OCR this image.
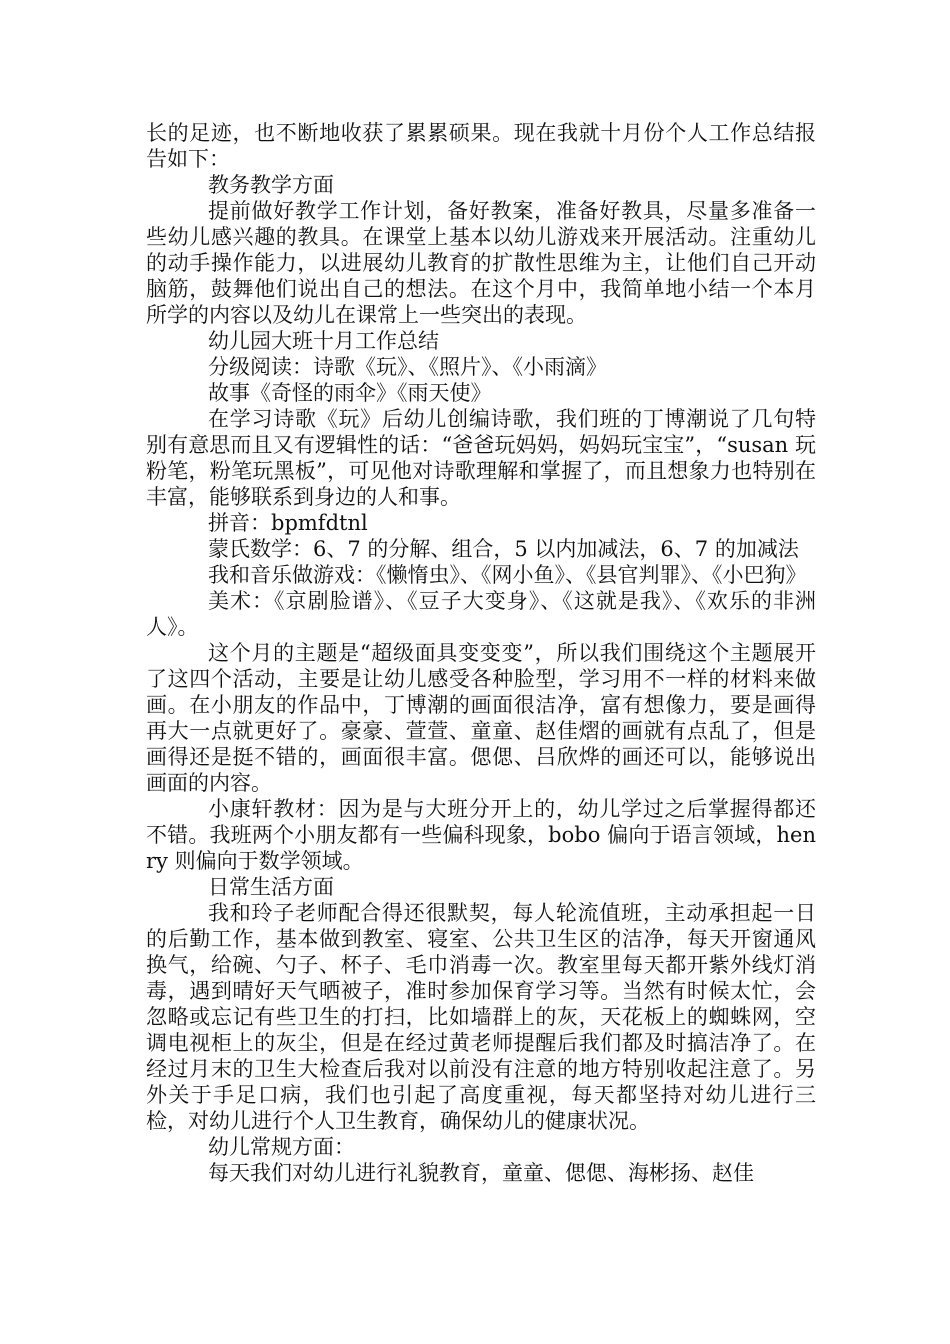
长的足迹，也不断地收获了累累硕果。现在我就十月份个人工作总结报告如下：

教务教学方面

提前做好教学工作计划，备好教案，准备好教具，尽量多准备一些幼儿感兴趣的教具。在课堂上基本以幼儿游戏来开展活动。注重幼儿的动手操作能力，以进展幼儿教育的扩散性思维为主，让他们自己开动脑筋，鼓舞他们说出自己的想法。在这个月中，我简单地小结一个本月所学的内容以及幼儿在课常上一些突出的表现。

幼儿园大班十月工作总结

分级阅读：诗歌《玩》、《照片》、《小雨滴》

故事《奇怪的雨伞》《雨天使》

在学习诗歌《玩》后幼儿创编诗歌，我们班的丁博潮说了几句特别有意思而且又有逻辑性的话：“爸爸玩妈妈，妈妈玩宝宝”，“susan 玩粉笔，粉笔玩黑板”，可见他对诗歌理解和掌握了，而且想象力也特别在丰富，能够联系到身边的人和事。

拼音：bpmfdtnl

蒙氏数学：6、7 的分解、组合，5 以内加减法，6、7 的加减法

我和音乐做游戏：《懒惰虫》、《网小鱼》、《县官判罪》、《小巴狗》

美术：《京剧脸谱》、《豆子大变身》、《这就是我》、《欢乐的非洲人》。

这个月的主题是“超级面具变变变”，所以我们围绕这个主题展开了这四个活动，主要是让幼儿感受各种脸型，学习用不一样的材料来做画。在小朋友的作品中，丁博潮的画面很洁净，富有想像力，要是画得再大一点就更好了。豪豪、萱萱、童童、赵佳熠的画就有点乱了，但是画得还是挺不错的，画面很丰富。偲偲、吕欣烨的画还可以，能够说出画面的内容。

小康轩教材：因为是与大班分开上的，幼儿学过之后掌握得都还不错。我班两个小朋友都有一些偏科现象，bobo 偏向于语言领域，henry 则偏向于数学领域。

日常生活方面

我和玲子老师配合得还很默契，每人轮流值班，主动承担起一日的后勤工作，基本做到教室、寝室、公共卫生区的洁净，每天开窗通风换气，给碗、勺子、杯子、毛巾消毒一次。教室里每天都开紫外线灯消毒，遇到晴好天气晒被子，准时参加保育学习等。当然有时候太忙，会忽略或忘记有些卫生的打扫，比如墙群上的灰，天花板上的蜘蛛网，空调电视柜上的灰尘，但是在经过黄老师提醒后我们都及时搞洁净了。在经过月末的卫生大检查后我对以前没有注意的地方特别收起注意了。另外关于手足口病，我们也引起了高度重视，每天都坚持对幼儿进行三检，对幼儿进行个人卫生教育，确保幼儿的健康状况。

幼儿常规方面：

每天我们对幼儿进行礼貌教育，童童、偲偲、海彬扬、赵佳
